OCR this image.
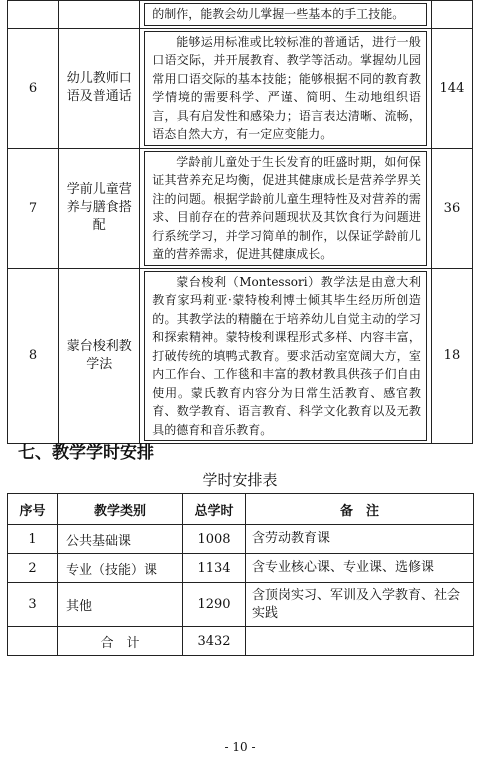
		的制作，能教会幼儿掌握一些基本的手工技能。	

6	幼儿教师口语及普通话	能够运用标准或比较标准的普通话，进行一般口语交际，并开展教育、教学等活动。掌握幼儿园常用口语交际的基本技能；能够根据不同的教育教学情境的需要科学、严谨、简明、生动地组织语言，具有启发性和感染力；语言表达清晰、流畅，语态自然大方，有一定应变能力。	144
7	学前儿童营养与膳食搭配	学龄前儿童处于生长发育的旺盛时期，如何保证其营养充足均衡，促进其健康成长是营养学界关注的问题。根据学龄前儿童生理特性及对营养的需求、目前存在的营养问题现状及其饮食行为问题进行系统学习，并学习简单的制作，以保证学龄前儿童的营养需求，促进其健康成长。	36
8	蒙台梭利教学法	蒙台梭利（Montessori）教学法是由意大利教育家玛莉亚·蒙特梭利博士倾其毕生经历所创造的。其教学法的精髓在于培养幼儿自觉主动的学习和探索精神。蒙特梭利课程形式多样、内容丰富，打破传统的填鸭式教育。要求活动室宽阔大方，室内工作台、工作毯和丰富的教材教具供孩子们自由使用。蒙氏教育内容分为日常生活教育、感官教育、数学教育、语言教育、科学文化教育以及无教具的德育和音乐教育。	18
七、教学学时安排
学时安排表
序号	教学类别	总学时	备　注
1	公共基础课	1008	含劳动教育课
2	专业（技能）课	1134	含专业核心课、专业课、选修课
3	其他	1290	含顶岗实习、军训及入学教育、社会实践
	合　计	3432	
- 10 -
